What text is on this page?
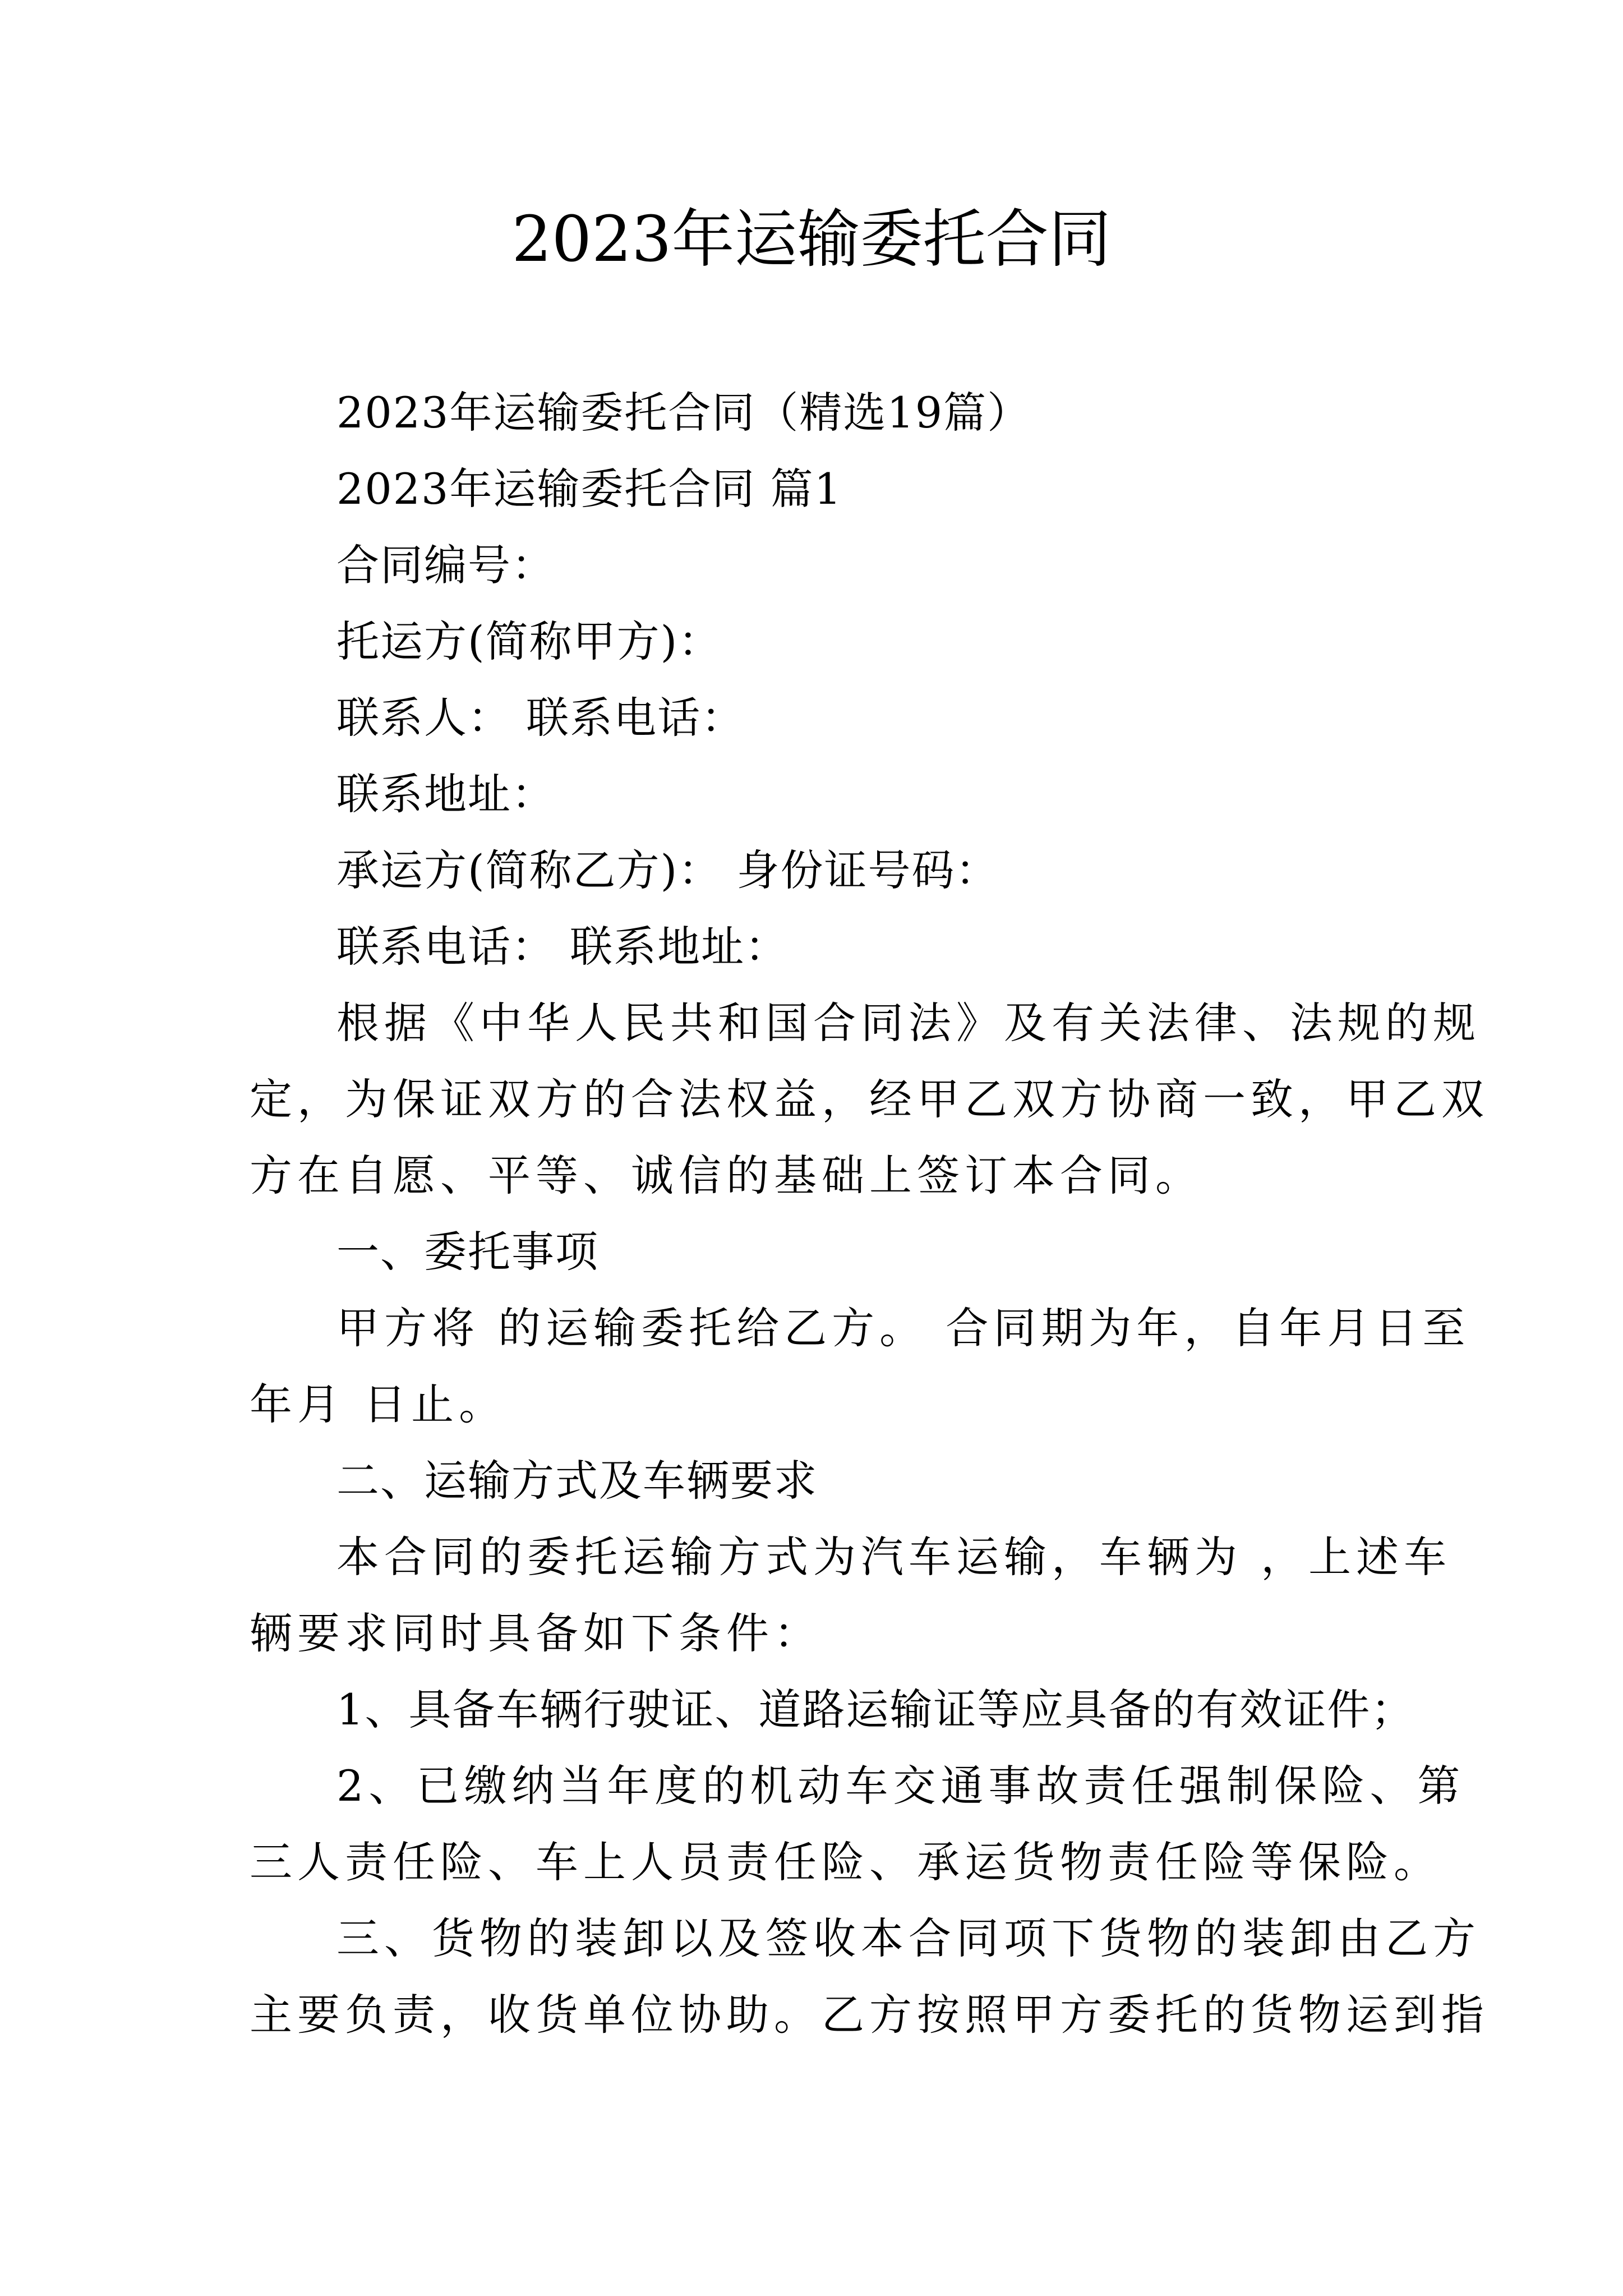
2023年运输委托合同
2023年运输委托合同（精选19篇）
2023年运输委托合同 篇1
合同编号：
托运方(简称甲方)：
联系人： 联系电话：
联系地址：
承运方(简称乙方)： 身份证号码：
联系电话： 联系地址：
根据《中华人民共和国合同法》及有关法律、法规的规
定，为保证双方的合法权益，经甲乙双方协商一致，甲乙双
方在自愿、平等、诚信的基础上签订本合同。
一、委托事项
甲方将 的运输委托给乙方。 合同期为年，自年月日至
年月 日止。
二、运输方式及车辆要求
本合同的委托运输方式为汽车运输，车辆为 ，上述车
辆要求同时具备如下条件：
1、具备车辆行驶证、道路运输证等应具备的有效证件；
2、已缴纳当年度的机动车交通事故责任强制保险、第
三人责任险、车上人员责任险、承运货物责任险等保险。
三、货物的装卸以及签收本合同项下货物的装卸由乙方
主要负责，收货单位协助。乙方按照甲方委托的货物运到指
